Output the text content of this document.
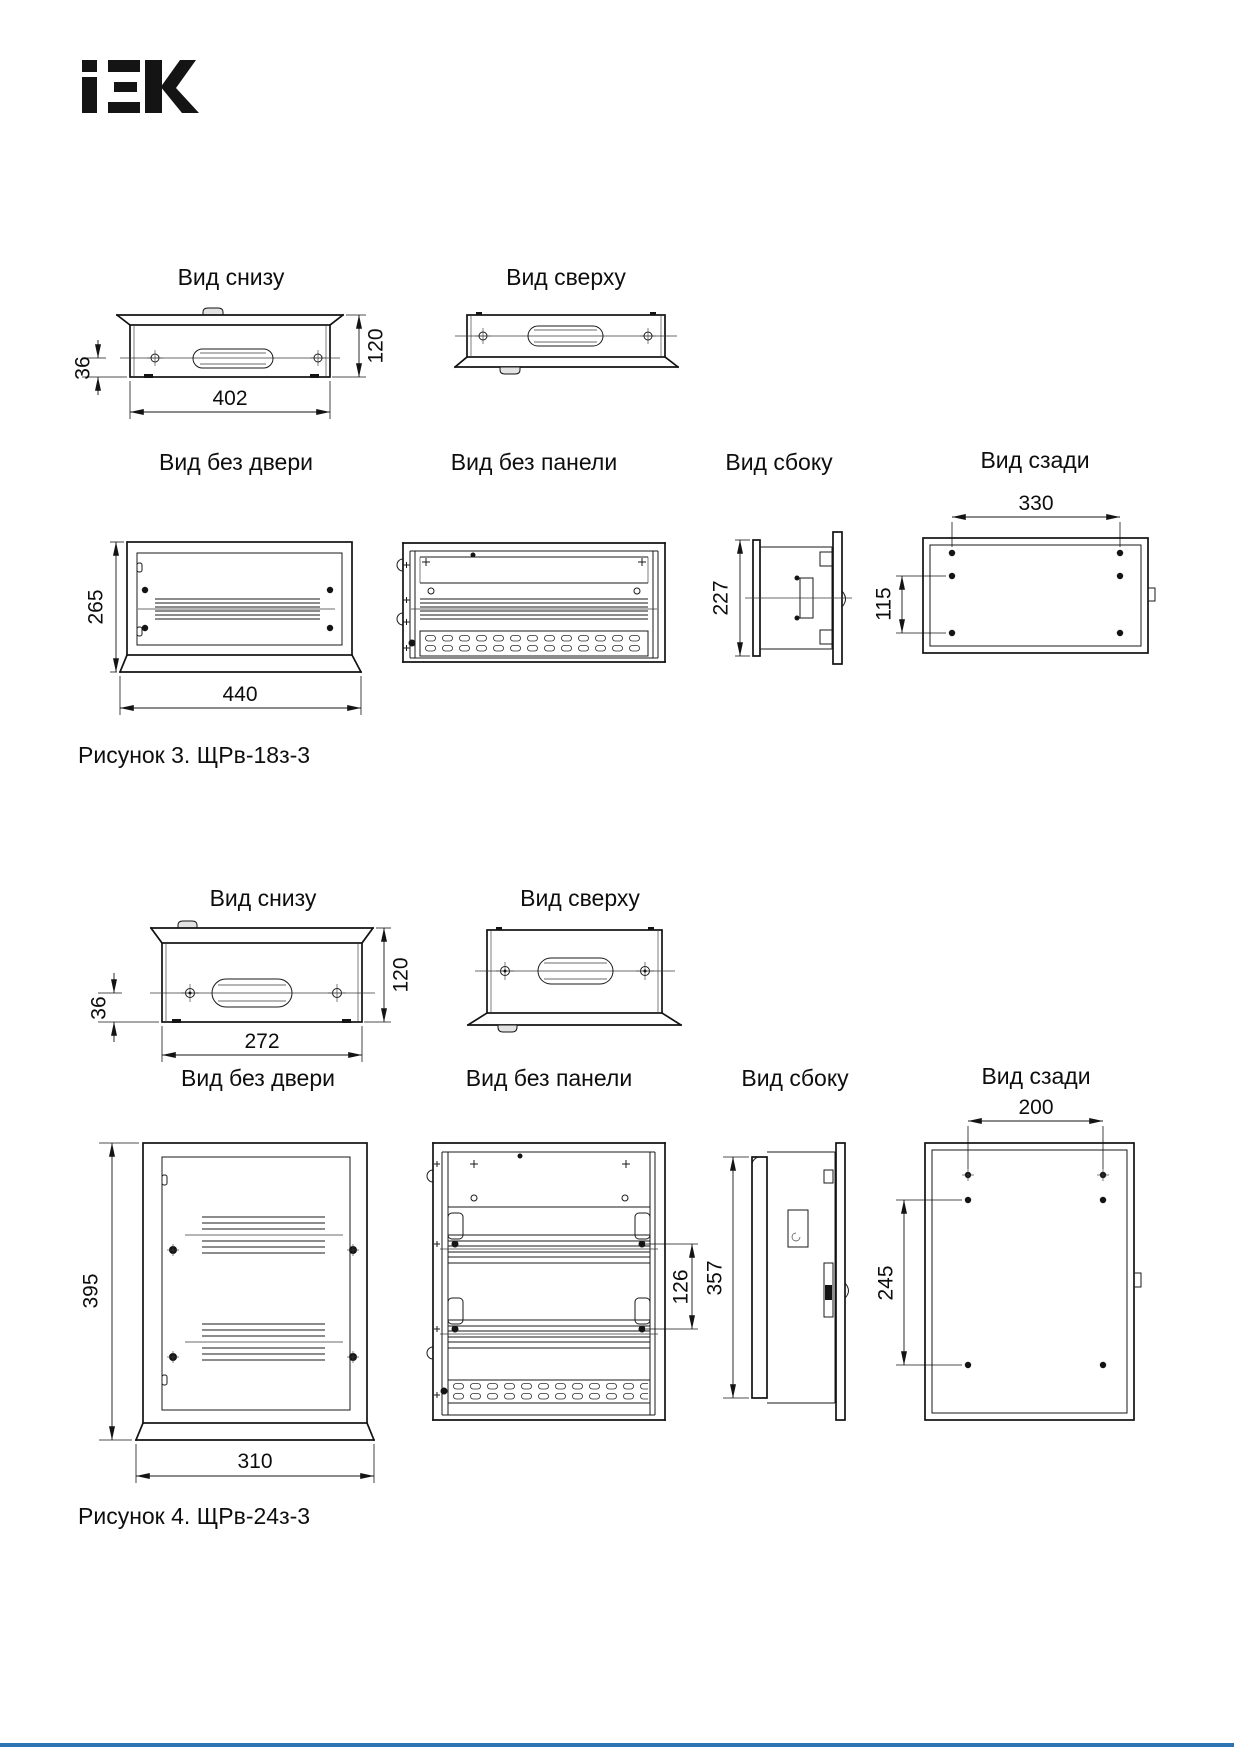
Вид снизу	Вид сверху
36
120
402
Вид без двери	Вид без панели	Вид сбоку	Вид сзади
265
440
227
330
115
Рисунок 3. ЩРв-18з-3
Вид снизу	Вид сверху
36
120
272
Вид без двери	Вид без панели	Вид сбоку	Вид сзади
395
310
126 357
200
245
Рисунок 4. ЩРв-24з-3
